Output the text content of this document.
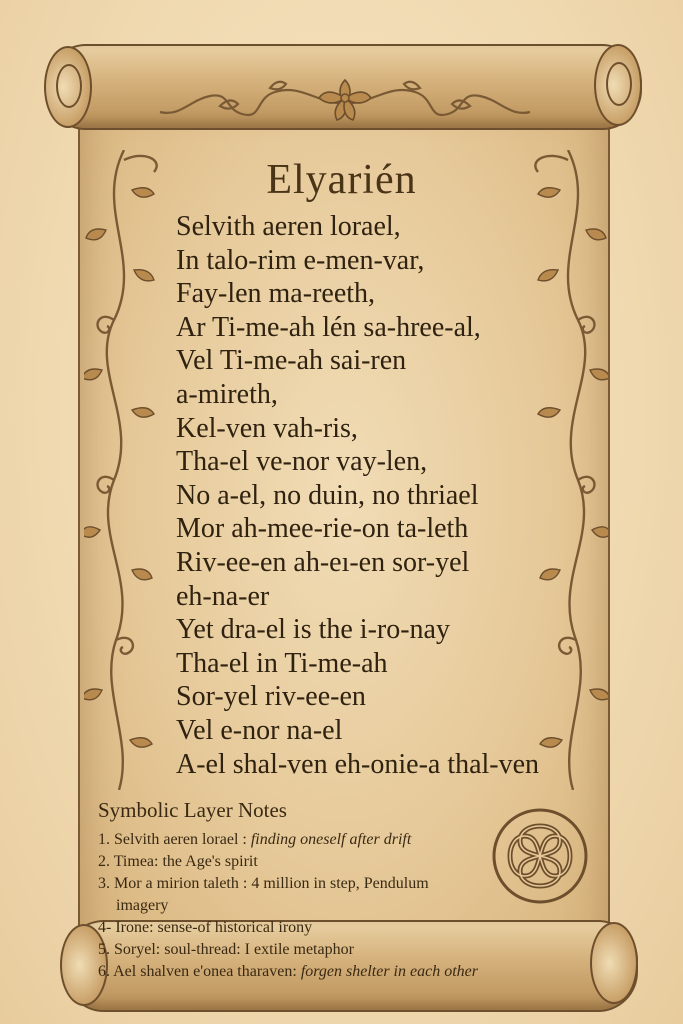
Elyarién
Selvith aeren lorael,
In talo-rim e-men-var,
Fay-len ma-reeth,
Ar Ti-me-ah lén sa-hree-al,
Vel Ti-me-ah sai-ren
a-mireth,
Kel-ven vah-ris,
Tha-el ve-nor vay-len,
No a-el, no duin, no thriael
Mor ah-mee-rie-on ta-leth
Riv-ee-en ah-eı-en sor-yel
eh-na-er
Yet dra-el is the i-ro-nay
Tha-el in Ti-me-ah
Sor-yel riv-ee-en
Vel e-nor na-el
A-el shal-ven eh-onie-a thal-ven
Symbolic Layer Notes
1. Selvith aeren lorael : finding oneself after drift
2. Timea: the Age's spirit
3. Mor a mirion taleth : 4 million in step, Pendulum
imagery
4- Irone: sense-of historical irony
5. Soryel: soul-thread: I extile metaphor
6. Ael shalven e'onea tharaven: forgen shelter in each other
